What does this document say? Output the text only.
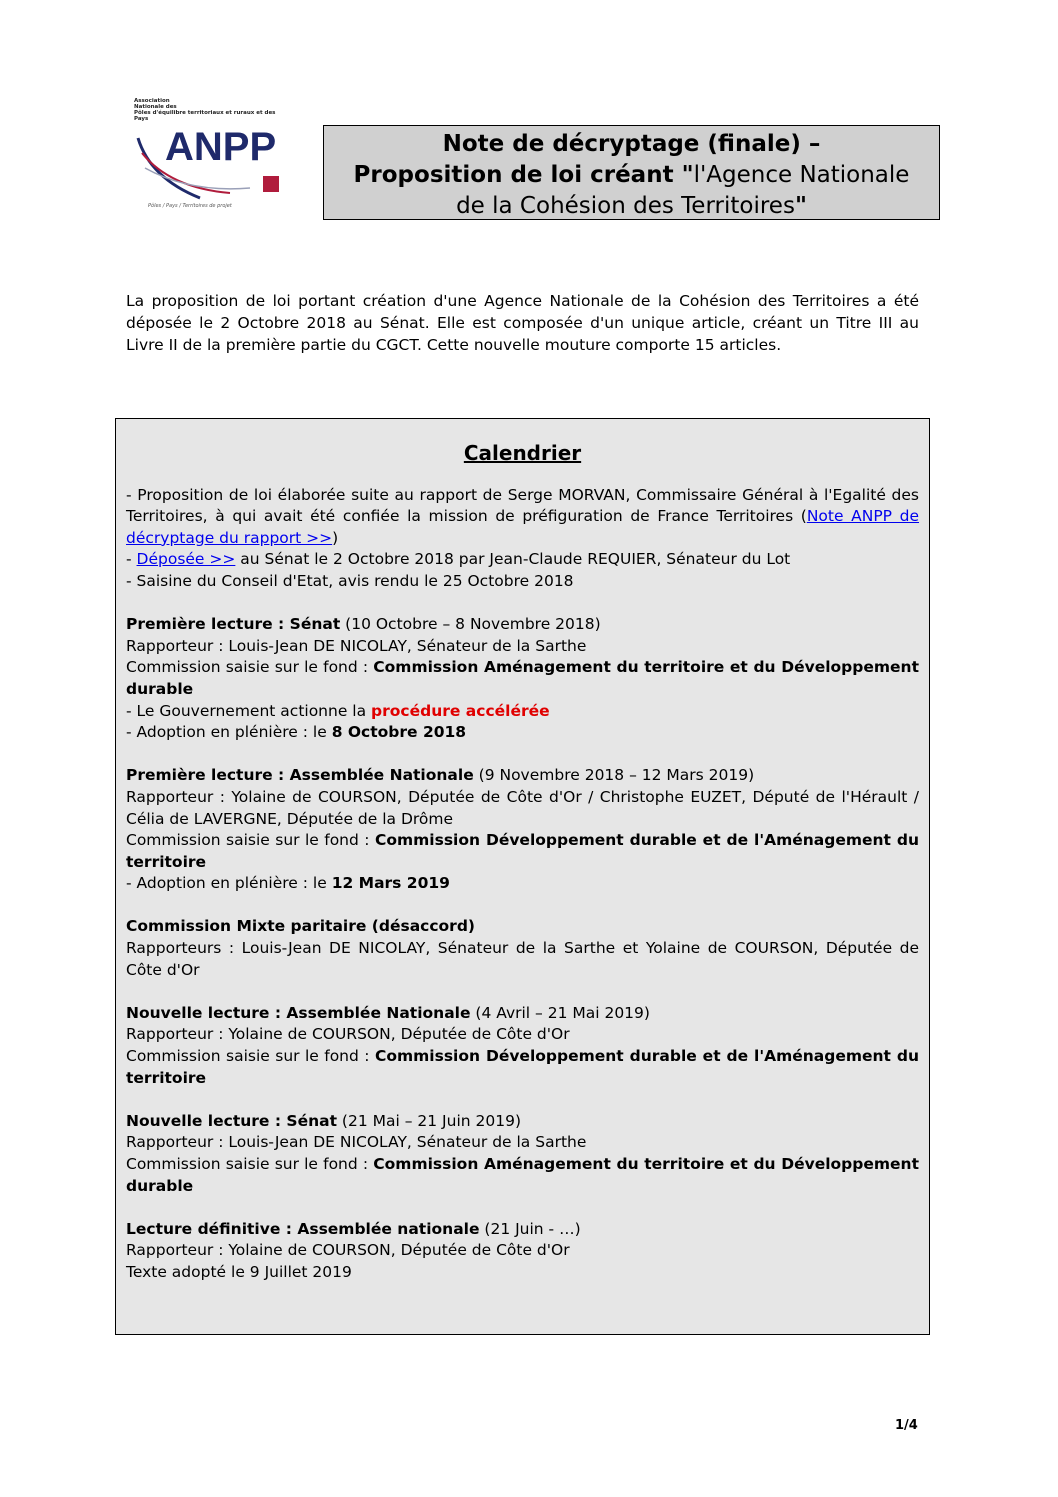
Association
Nationale des
Pôles d'équilibre territoriaux et ruraux et des
Pays
ANPP
Pôles / Pays / Territoires de projet
Note de décryptage (finale) –
Proposition de loi créant "l'Agence Nationale
de la Cohésion des Territoires"
La proposition de loi portant création d'une Agence Nationale de la Cohésion des Territoires a été déposée le 2 Octobre 2018 au Sénat. Elle est composée d'un unique article, créant un Titre III au Livre II de la première partie du CGCT. Cette nouvelle mouture comporte 15 articles.
Calendrier

- Proposition de loi élaborée suite au rapport de Serge MORVAN, Commissaire Général à l'Egalité des Territoires, à qui avait été confiée la mission de préfiguration de France Territoires (Note ANPP de décryptage du rapport >>)

- Déposée >> au Sénat le 2 Octobre 2018 par Jean-Claude REQUIER, Sénateur du Lot

- Saisine du Conseil d'Etat, avis rendu le 25 Octobre 2018

Première lecture : Sénat (10 Octobre – 8 Novembre 2018)

Rapporteur : Louis-Jean DE NICOLAY, Sénateur de la Sarthe

Commission saisie sur le fond : Commission Aménagement du territoire et du Développement durable

- Le Gouvernement actionne la procédure accélérée

- Adoption en plénière : le 8 Octobre 2018

Première lecture : Assemblée Nationale (9 Novembre 2018 – 12 Mars 2019)

Rapporteur : Yolaine de COURSON, Députée de Côte d'Or / Christophe EUZET, Député de l'Hérault / Célia de LAVERGNE, Députée de la Drôme

Commission saisie sur le fond : Commission Développement durable et de l'Aménagement du territoire

- Adoption en plénière : le 12 Mars 2019

Commission Mixte paritaire (désaccord)

Rapporteurs : Louis-Jean DE NICOLAY, Sénateur de la Sarthe et Yolaine de COURSON, Députée de Côte d'Or

Nouvelle lecture : Assemblée Nationale (4 Avril – 21 Mai 2019)

Rapporteur : Yolaine de COURSON, Députée de Côte d'Or

Commission saisie sur le fond : Commission Développement durable et de l'Aménagement du territoire

Nouvelle lecture : Sénat (21 Mai – 21 Juin 2019)

Rapporteur : Louis-Jean DE NICOLAY, Sénateur de la Sarthe

Commission saisie sur le fond : Commission Aménagement du territoire et du Développement durable

Lecture définitive : Assemblée nationale (21 Juin - …)

Rapporteur : Yolaine de COURSON, Députée de Côte d'Or

Texte adopté le 9 Juillet 2019

1/4
